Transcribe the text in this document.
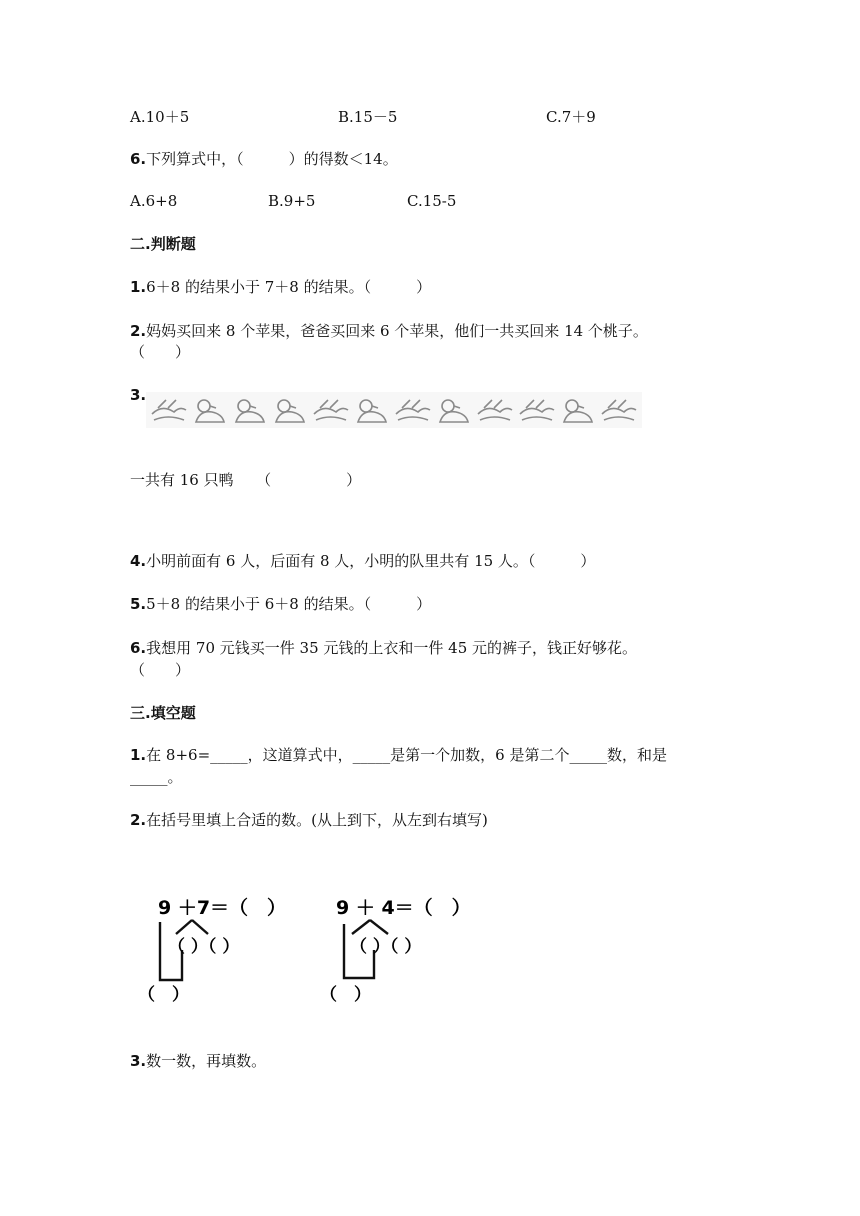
A.10＋5	B.15－5	C.7＋9
6.下列算式中，（　　　）的得数＜14。
A.6+8	B.9+5	C.15-5
二.判断题
1.6＋8 的结果小于 7＋8 的结果。（　　　）
2.妈妈买回来 8 个苹果，爸爸买回来 6 个苹果，他们一共买回来 14 个桃子。
（　　）
3.
一共有 16 只鸭　　（　　　　　）
4.小明前面有 6 人，后面有 8 人，小明的队里共有 15 人。（　　　）
5.5＋8 的结果小于 6＋8 的结果。（　　　）
6.我想用 70 元钱买一件 35 元钱的上衣和一件 45 元的裤子，钱正好够花。
（　　）
三.填空题
1.在 8+6=_____，这道算式中，_____是第一个加数，6 是第二个_____数，和是
_____。
2.在括号里填上合适的数。(从上到下，从左到右填写)
9 ＋7＝（　）
（ ）（ ）
（　）
9 ＋ 4＝（　）
（ ）（ ）
（　）
3.数一数，再填数。
